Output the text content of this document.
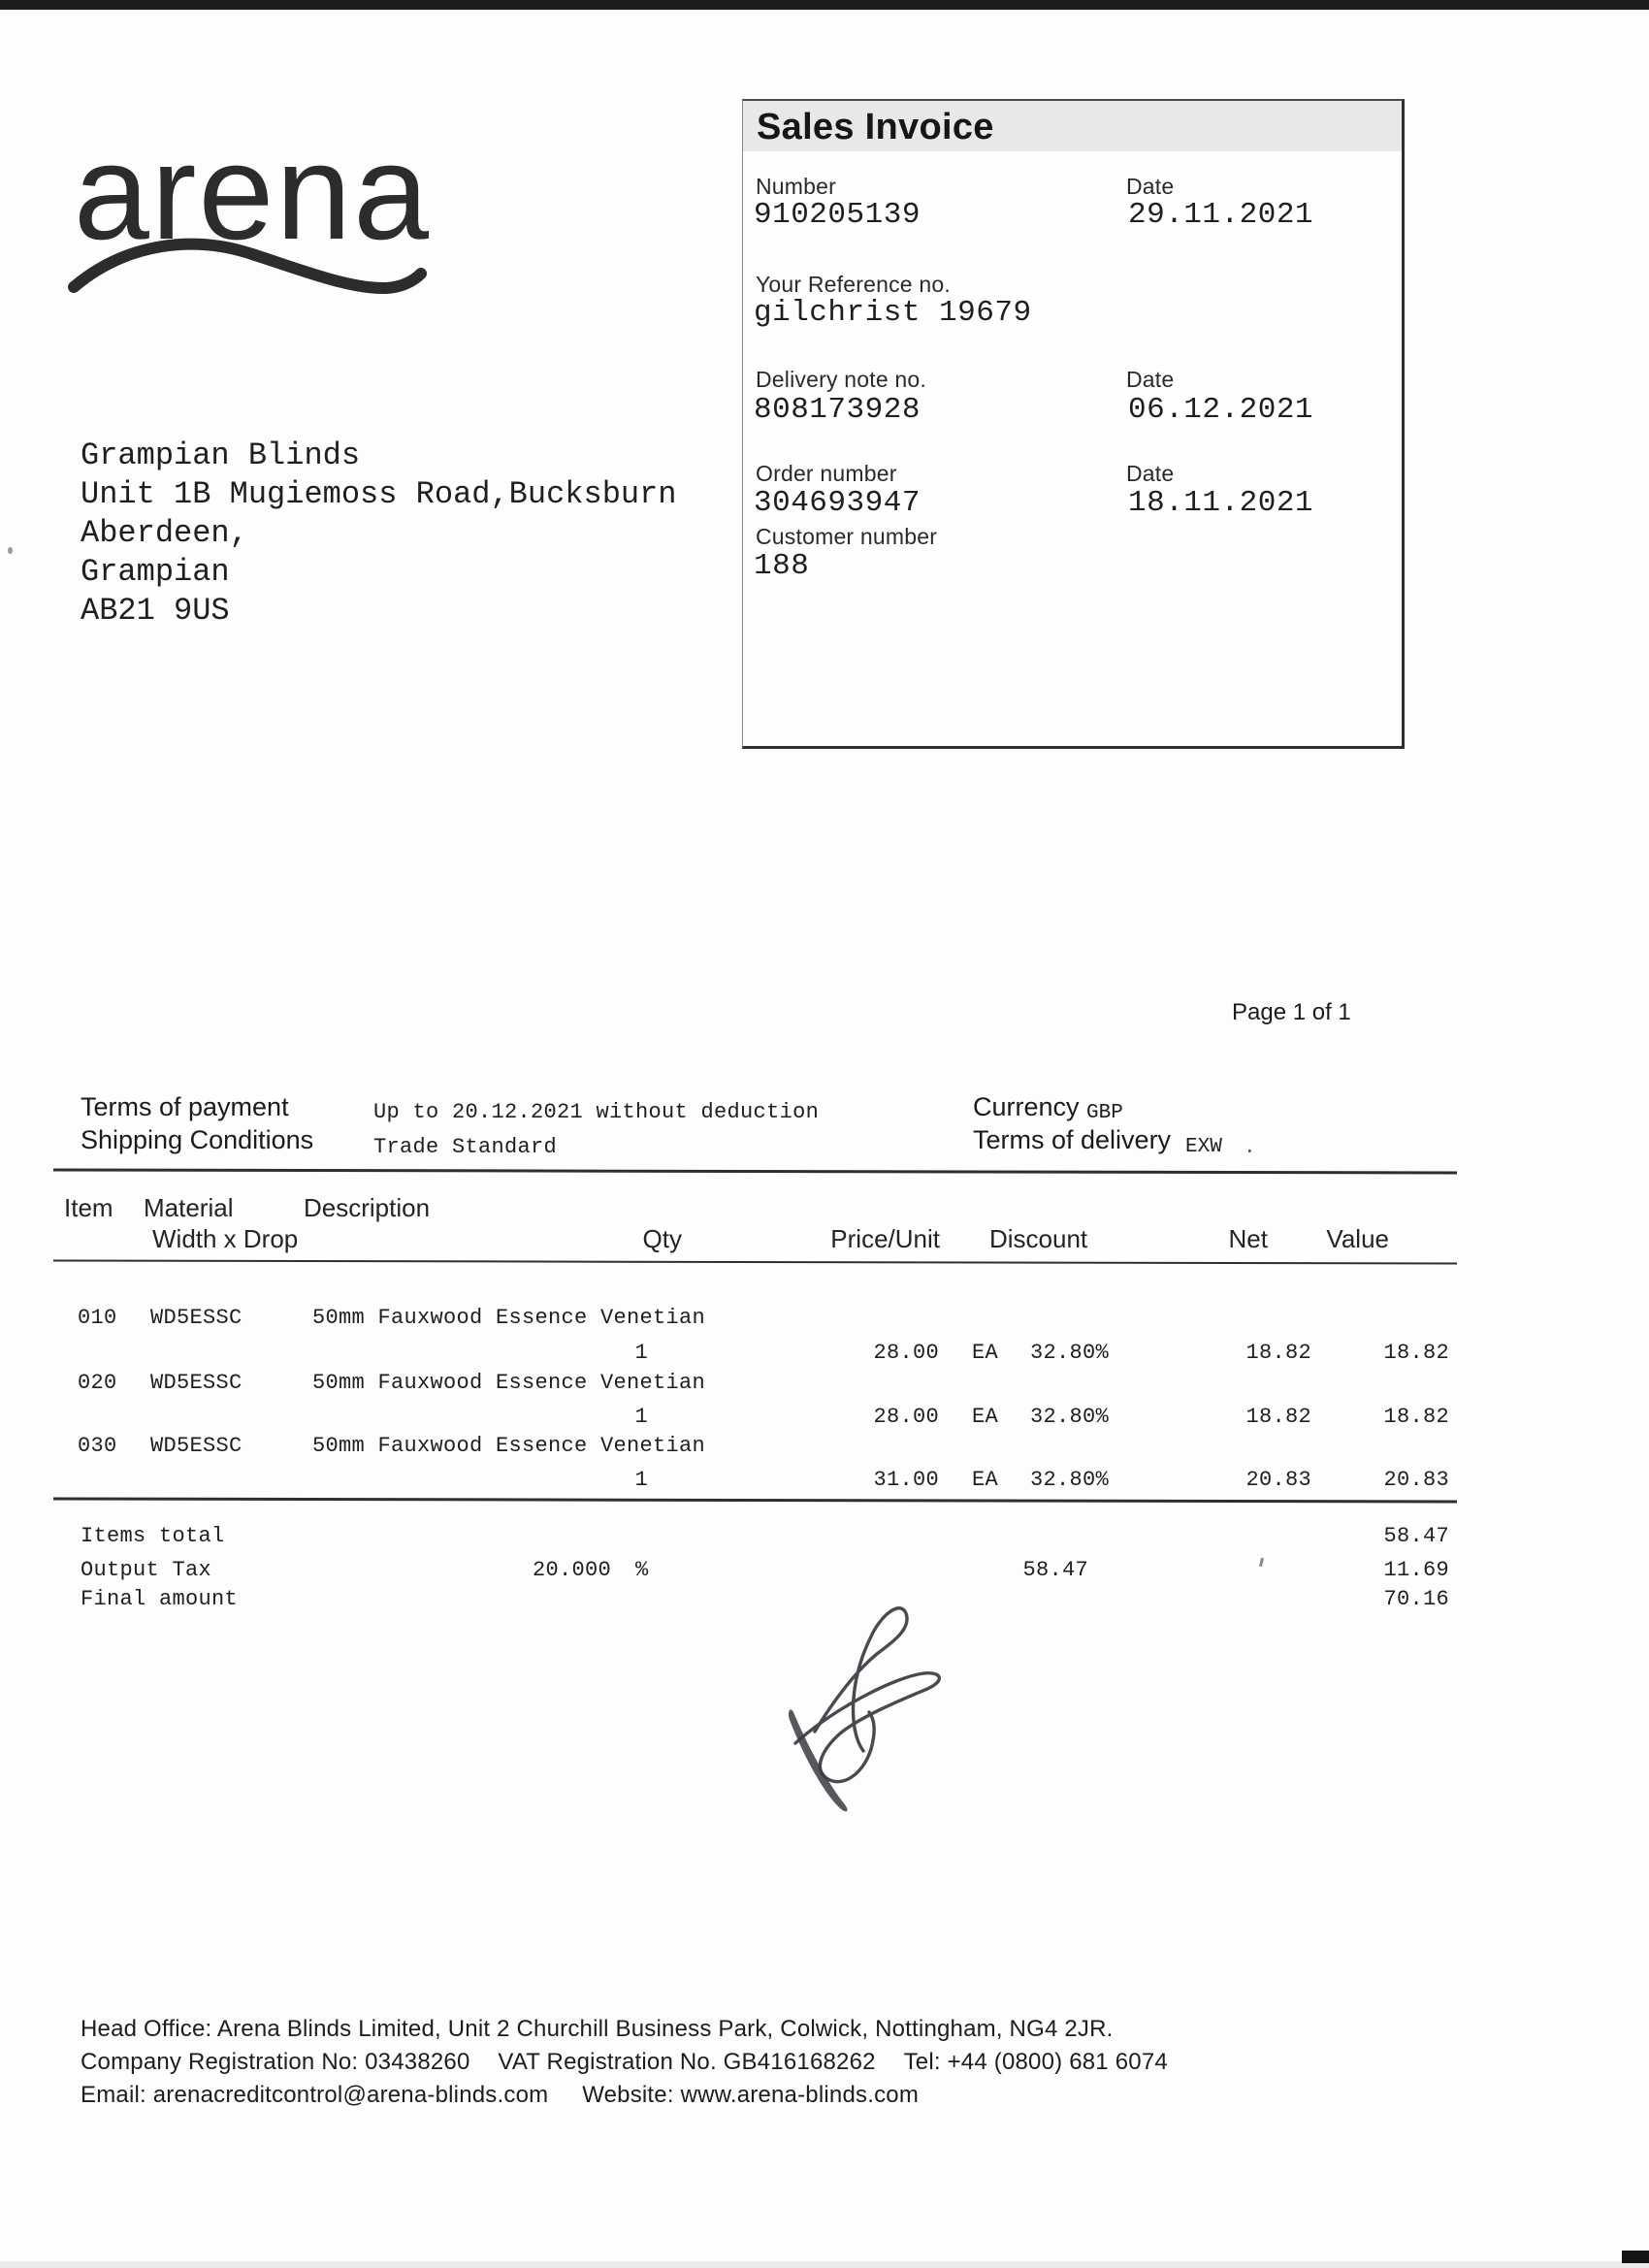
arena	Sales Invoice
Number
910205139
Date
29.11.2021
Your Reference no.
gilchrist 19679
Delivery note no.
808173928
Date
06.12.2021
Order number
304693947
Date
18.11.2021
Customer number
188
Grampian Blinds
Unit 1B Mugiemoss Road,Bucksburn
Aberdeen,
Grampian
AB21 9US
Page 1 of 1
Terms of payment	Up to 20.12.2021 without deduction
Shipping Conditions	Trade Standard
Currency GBP
Terms of delivery EXW .
Item Material	Description
Width x Drop	Qty	Price/Unit Discount	Net Value
010 WD5ESSC	50mm Fauxwood Essence Venetian
1	28.00 EA 32.80%	18.82	18.82
020 WD5ESSC	50mm Fauxwood Essence Venetian
1	28.00 EA 32.80%	18.82	18.82
030 WD5ESSC	50mm Fauxwood Essence Venetian
1	31.00 EA 32.80%	20.83	20.83
Items total	58.47
Output Tax	20.000 %	58.47	11.69
Final amount	70.16
Head Office: Arena Blinds Limited, Unit 2 Churchill Business Park, Colwick, Nottingham, NG4 2JR.
Company Registration No: 03438260 VAT Registration No. GB416168262 Tel: +44 (0800) 681 6074
Email: arenacreditcontrol@arena-blinds.com Website: www.arena-blinds.com
